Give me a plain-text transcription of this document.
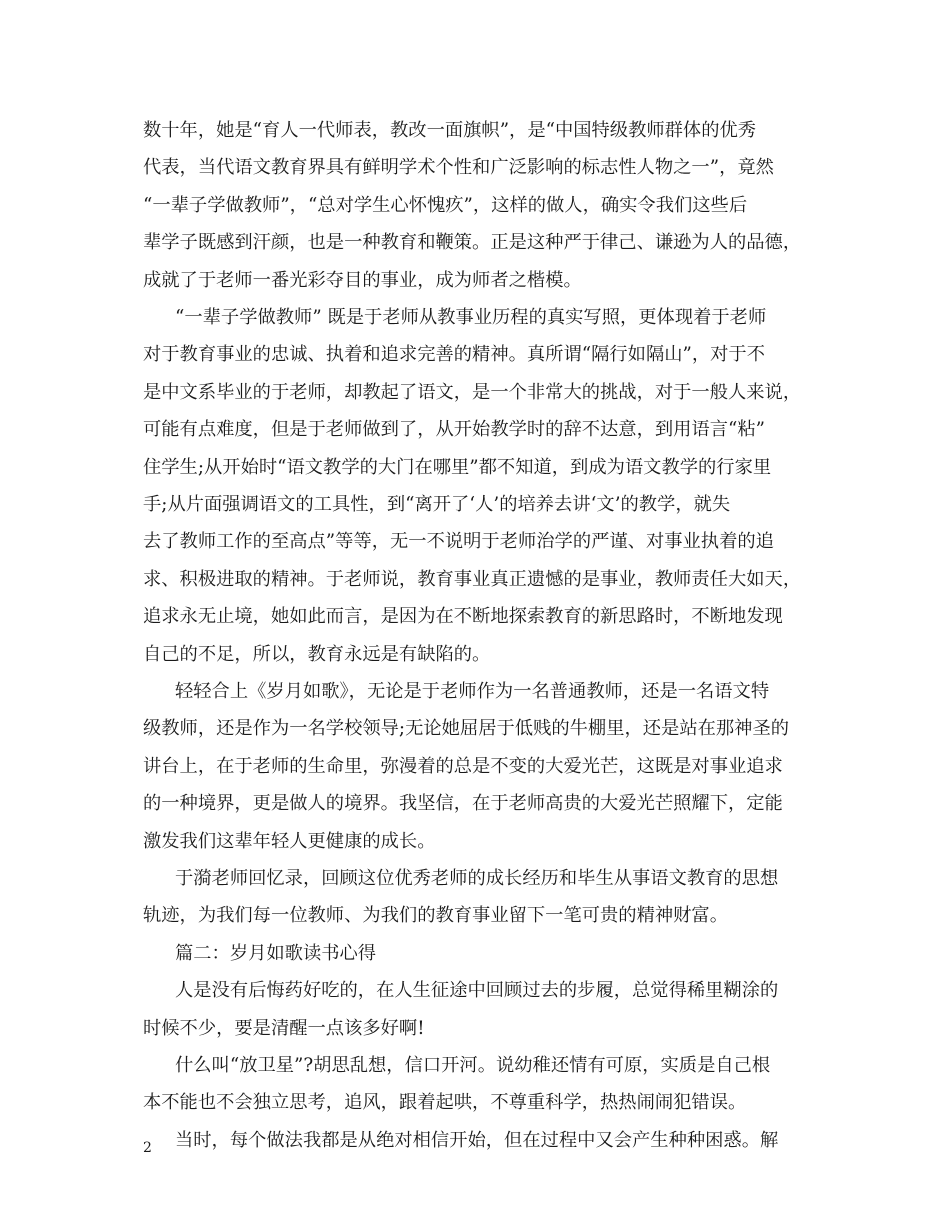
数十年，她是“育人一代师表，教改一面旗帜”，是“中国特级教师群体的优秀
代表，当代语文教育界具有鲜明学术个性和广泛影响的标志性人物之一”，竟然
“一辈子学做教师”，“总对学生心怀愧疚”，这样的做人，确实令我们这些后
辈学子既感到汗颜，也是一种教育和鞭策。正是这种严于律己、谦逊为人的品德，
成就了于老师一番光彩夺目的事业，成为师者之楷模。
“一辈子学做教师” 既是于老师从教事业历程的真实写照，更体现着于老师
对于教育事业的忠诚、执着和追求完善的精神。真所谓“隔行如隔山”，对于不
是中文系毕业的于老师，却教起了语文，是一个非常大的挑战，对于一般人来说，
可能有点难度，但是于老师做到了，从开始教学时的辞不达意，到用语言“粘”
住学生;从开始时“语文教学的大门在哪里”都不知道，到成为语文教学的行家里
手;从片面强调语文的工具性，到“离开了‘人’的培养去讲‘文’的教学，就失
去了教师工作的至高点”等等，无一不说明于老师治学的严谨、对事业执着的追
求、积极进取的精神。于老师说，教育事业真正遗憾的是事业，教师责任大如天，
追求永无止境，她如此而言，是因为在不断地探索教育的新思路时，不断地发现
自己的不足，所以，教育永远是有缺陷的。
轻轻合上《岁月如歌》，无论是于老师作为一名普通教师，还是一名语文特
级教师，还是作为一名学校领导;无论她屈居于低贱的牛棚里，还是站在那神圣的
讲台上，在于老师的生命里，弥漫着的总是不变的大爱光芒，这既是对事业追求
的一种境界，更是做人的境界。我坚信，在于老师高贵的大爱光芒照耀下，定能
激发我们这辈年轻人更健康的成长。
于漪老师回忆录，回顾这位优秀老师的成长经历和毕生从事语文教育的思想
轨迹，为我们每一位教师、为我们的教育事业留下一笔可贵的精神财富。
篇二：岁月如歌读书心得
人是没有后悔药好吃的，在人生征途中回顾过去的步履，总觉得稀里糊涂的
时候不少，要是清醒一点该多好啊!
什么叫“放卫星”?胡思乱想，信口开河。说幼稚还情有可原，实质是自己根
本不能也不会独立思考，追风，跟着起哄，不尊重科学，热热闹闹犯错误。
当时，每个做法我都是从绝对相信开始，但在过程中又会产生种种困惑。解
2
